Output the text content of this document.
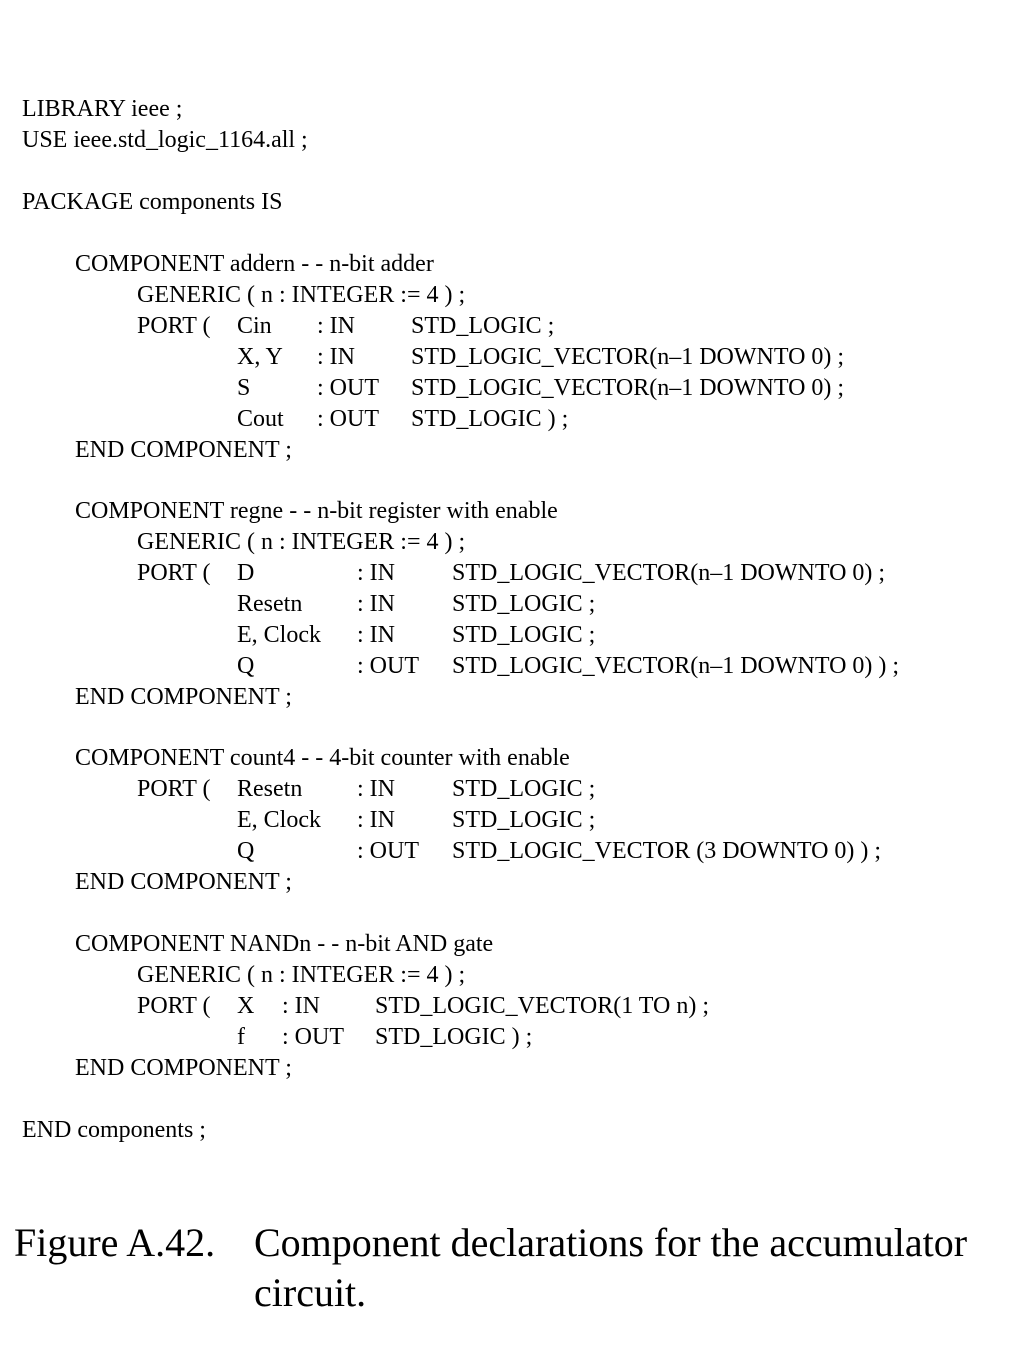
LIBRARY ieee ;
USE ieee.std_logic_1164.all ;
PACKAGE components IS
COMPONENT addern - - n-bit adder
GENERIC ( n : INTEGER := 4 ) ;
PORT ( Cin : IN STD_LOGIC ;
X, Y : IN STD_LOGIC_VECTOR(n–1 DOWNTO 0) ;
S	: OUT STD_LOGIC_VECTOR(n–1 DOWNTO 0) ;
Cout : OUT STD_LOGIC ) ;
END COMPONENT ;
COMPONENT regne - - n-bit register with enable
GENERIC ( n : INTEGER := 4 ) ;
PORT ( D	: IN STD_LOGIC_VECTOR(n–1 DOWNTO 0) ;
Resetn : IN STD_LOGIC ;
E, Clock : IN STD_LOGIC ;
Q	: OUT STD_LOGIC_VECTOR(n–1 DOWNTO 0) ) ;
END COMPONENT ;
COMPONENT count4 - - 4-bit counter with enable
PORT ( Resetn : IN STD_LOGIC ;
E, Clock : IN STD_LOGIC ;
Q	: OUT STD_LOGIC_VECTOR (3 DOWNTO 0) ) ;
END COMPONENT ;
COMPONENT NANDn - - n-bit AND gate
GENERIC ( n : INTEGER := 4 ) ;
PORT ( X : IN STD_LOGIC_VECTOR(1 TO n) ;
f : OUT STD_LOGIC ) ;
END COMPONENT ;
END components ;
Figure A.42. Component declarations for the accumulator circuit.
